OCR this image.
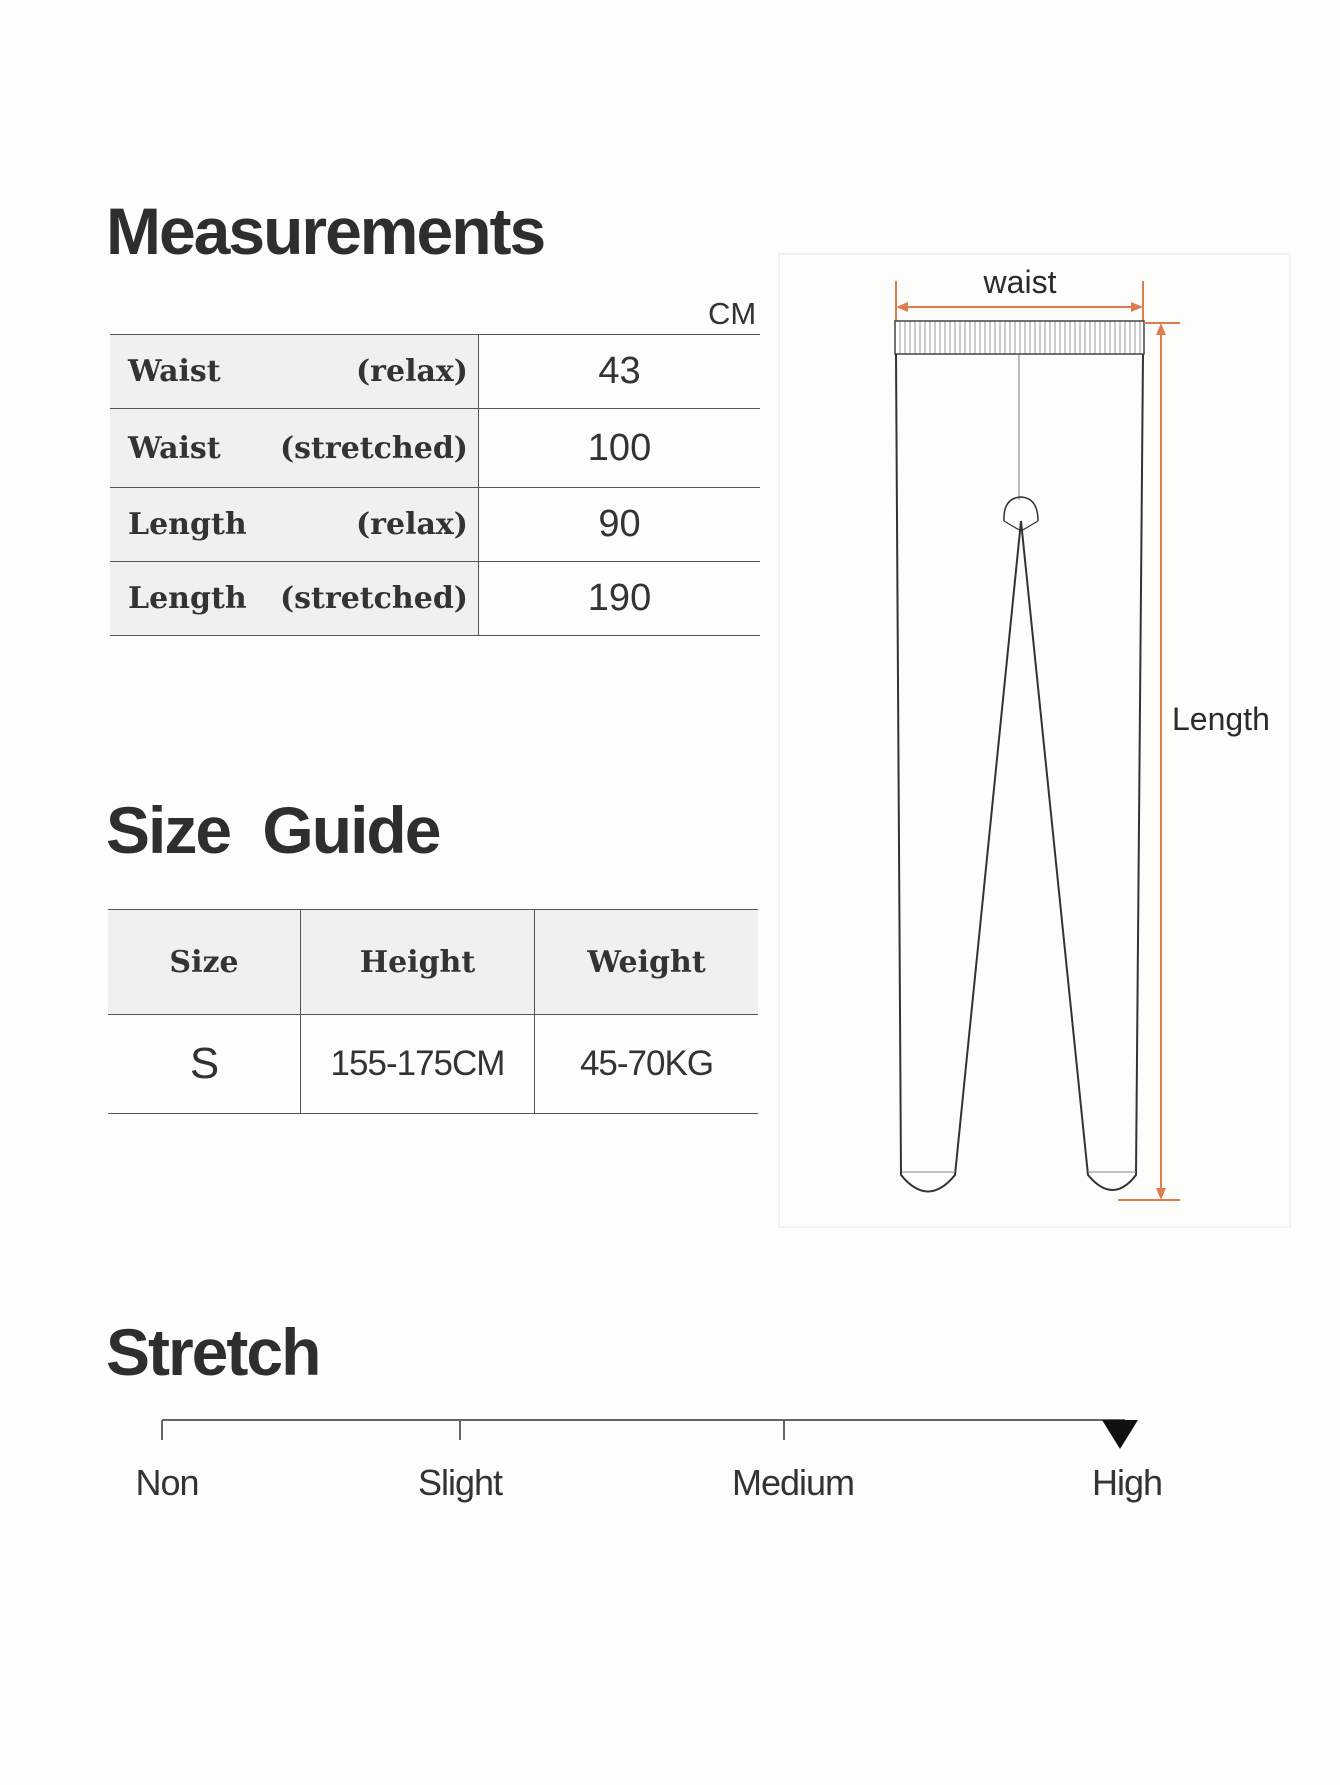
Measurements
CM
Waist (relax)	43

Waist (stretched)	100

Length (relax)	90

Length (stretched)	190
Size Guide
Size	Height	Weight
S	155-175CM	45-70KG
waist
Length
Stretch
Non	Slight	Medium	High
